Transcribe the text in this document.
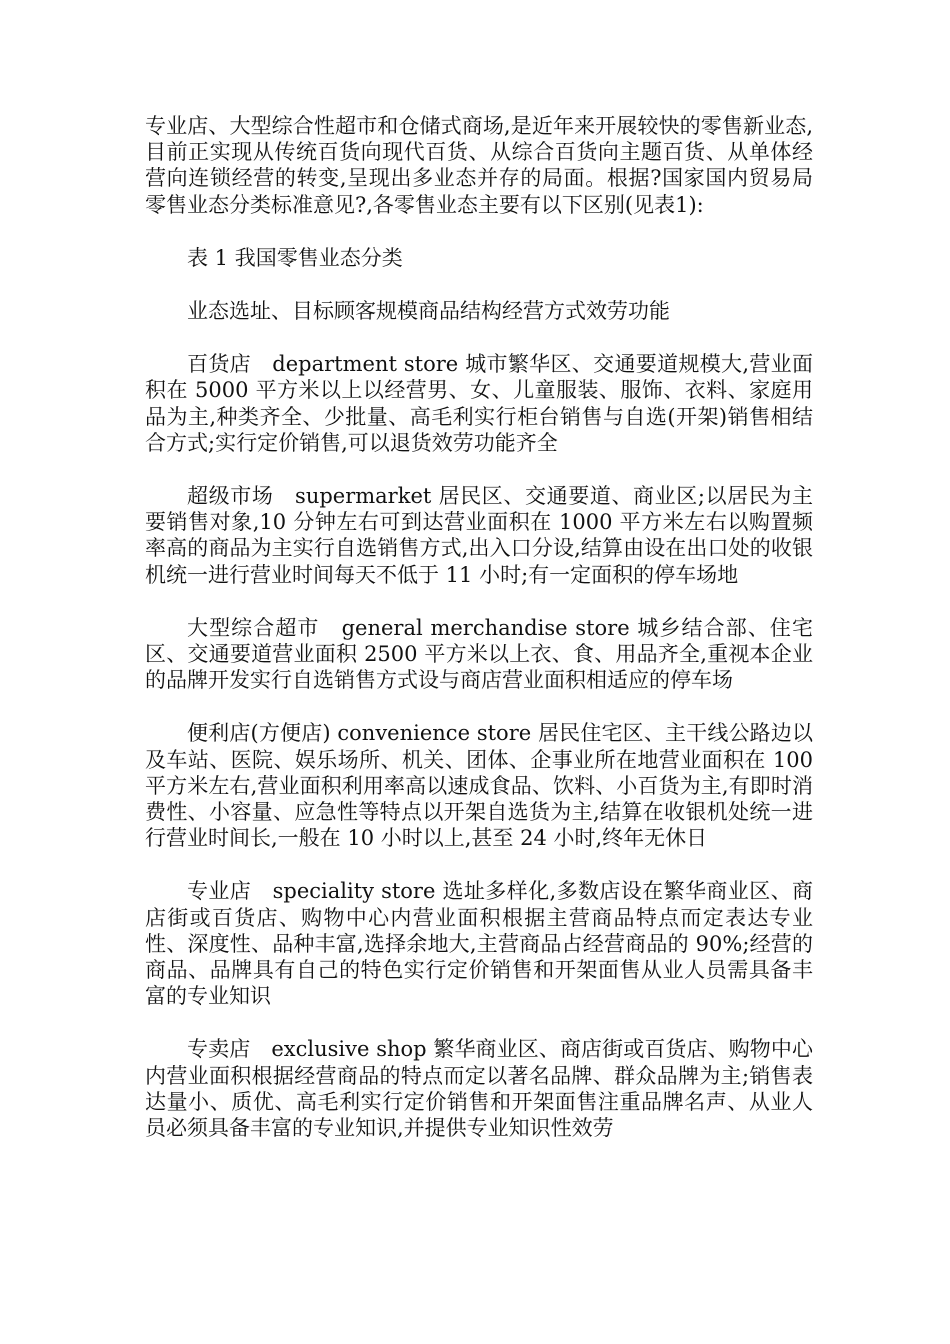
专业店、大型综合性超市和仓储式商场,是近年来开展较快的零售新业态,目前正实现从传统百货向现代百货、从综合百货向主题百货、从单体经营向连锁经营的转变,呈现出多业态并存的局面。根据?国家国内贸易局零售业态分类标准意见?,各零售业态主要有以下区别(见表1):

表 1 我国零售业态分类

业态选址、目标顾客规模商品结构经营方式效劳功能

百货店　department store 城市繁华区、交通要道规模大,营业面积在 5000 平方米以上以经营男、女、儿童服装、服饰、衣料、家庭用品为主,种类齐全、少批量、高毛利实行柜台销售与自选(开架)销售相结合方式;实行定价销售,可以退货效劳功能齐全

超级市场　supermarket 居民区、交通要道、商业区;以居民为主要销售对象,10 分钟左右可到达营业面积在 1000 平方米左右以购置频率高的商品为主实行自选销售方式,出入口分设,结算由设在出口处的收银机统一进行营业时间每天不低于 11 小时;有一定面积的停车场地

大型综合超市　general merchandise store 城乡结合部、住宅区、交通要道营业面积 2500 平方米以上衣、食、用品齐全,重视本企业的品牌开发实行自选销售方式设与商店营业面积相适应的停车场

便利店(方便店) convenience store 居民住宅区、主干线公路边以及车站、医院、娱乐场所、机关、团体、企事业所在地营业面积在 100 平方米左右,营业面积利用率高以速成食品、饮料、小百货为主,有即时消费性、小容量、应急性等特点以开架自选货为主,结算在收银机处统一进行营业时间长,一般在 10 小时以上,甚至 24 小时,终年无休日

专业店　speciality store 选址多样化,多数店设在繁华商业区、商店街或百货店、购物中心内营业面积根据主营商品特点而定表达专业性、深度性、品种丰富,选择余地大,主营商品占经营商品的 90%;经营的商品、品牌具有自己的特色实行定价销售和开架面售从业人员需具备丰富的专业知识

专卖店　exclusive shop 繁华商业区、商店街或百货店、购物中心内营业面积根据经营商品的特点而定以著名品牌、群众品牌为主;销售表达量小、质优、高毛利实行定价销售和开架面售注重品牌名声、从业人员必须具备丰富的专业知识,并提供专业知识性效劳
